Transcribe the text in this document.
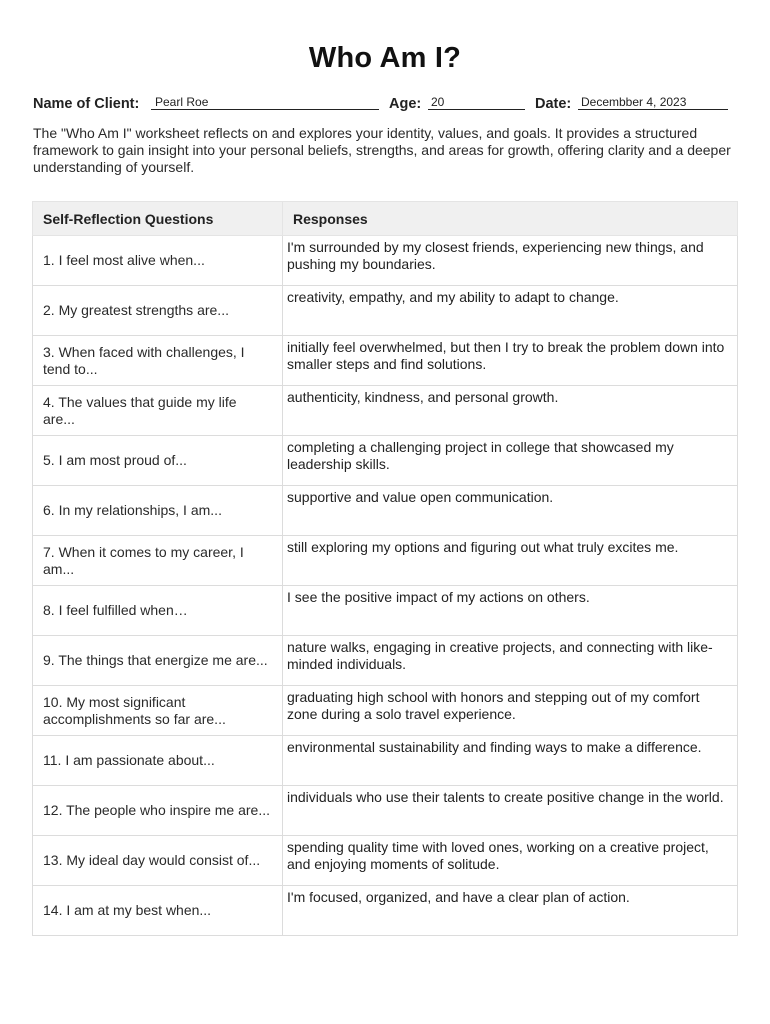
Who Am I?
Name of Client: Pearl Roe	Age: 20	Date: Decembber 4, 2023
The "Who Am I" worksheet reflects on and explores your identity, values, and goals. It provides a structured framework to gain insight into your personal beliefs, strengths, and areas for growth, offering clarity and a deeper understanding of yourself.
Self-Reflection Questions	Responses

1. I feel most alive when...	I'm surrounded by my closest friends, experiencing new things, and pushing my boundaries.

2. My greatest strengths are...	creativity, empathy, and my ability to adapt to change.

3. When faced with challenges, I tend to...	initially feel overwhelmed, but then I try to break the problem down into smaller steps and find solutions.

4. The values that guide my life are...	authenticity, kindness, and personal growth.

5. I am most proud of...	completing a challenging project in college that showcased my leadership skills.

6. In my relationships, I am...	supportive and value open communication.

7. When it comes to my career, I am...	still exploring my options and figuring out what truly excites me.

8. I feel fulfilled when…	I see the positive impact of my actions on others.

9. The things that energize me are...	nature walks, engaging in creative projects, and connecting with like-minded individuals.

10. My most significant accomplishments so far are...	graduating high school with honors and stepping out of my comfort zone during a solo travel experience.

11. I am passionate about...	environmental sustainability and finding ways to make a difference.

12. The people who inspire me are...	individuals who use their talents to create positive change in the world.

13. My ideal day would consist of...	spending quality time with loved ones, working on a creative project, and enjoying moments of solitude.

14. I am at my best when...	I'm focused, organized, and have a clear plan of action.
